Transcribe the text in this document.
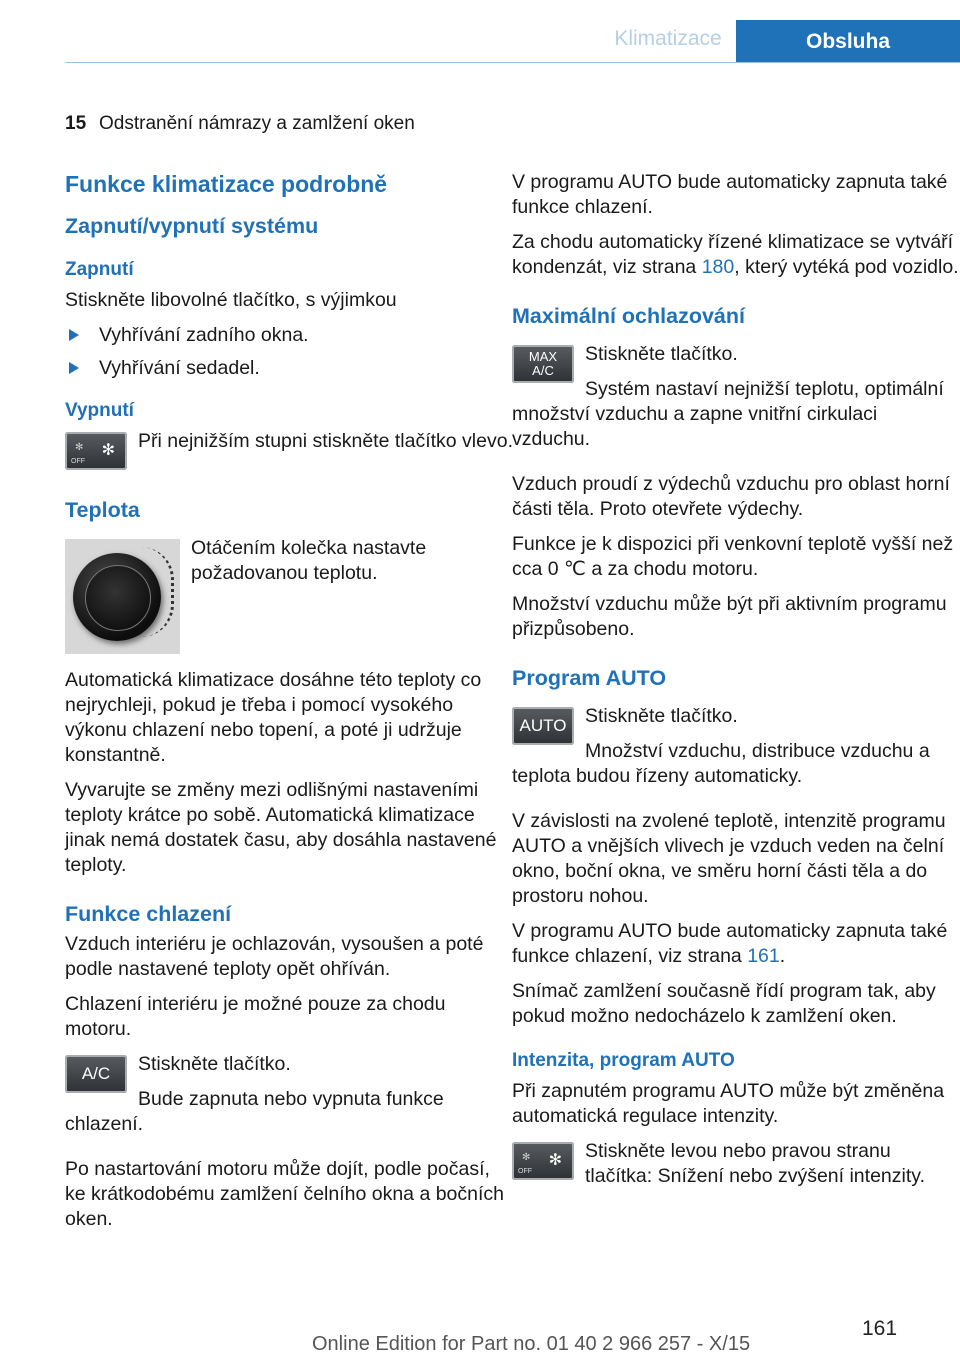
Klimatizace	Obsluha
15 Odstranění námrazy a zamlžení oken
Funkce klimatizace podrobně
Zapnutí/vypnutí systému
Zapnutí

Stiskněte libovolné tlačítko, s výjimkou

Vyhřívání zadního okna.
Vyhřívání sedadel.
Vypnutí
OFF
✻ ✻	Při nejnižším stupni stiskněte tlačítko vlevo.

Teplota

Otáčením kolečka nastavte požadovanou teplotu.

Automatická klimatizace dosáhne této teploty co nejrychleji, pokud je třeba i pomocí vysokého výkonu chlazení nebo topení, a poté ji udržuje konstantně.

Vyvarujte se změny mezi odlišnými nastaveními teploty krátce po sobě. Automatická klimatizace jinak nemá dostatek času, aby dosáhla nastavené teploty.

Funkce chlazení

Vzduch interiéru je ochlazován, vysoušen a poté podle nastavené teploty opět ohříván.

Chlazení interiéru je možné pouze za chodu motoru.

A/C	Stiskněte tlačítko.

Bude zapnuta nebo vypnuta funkce chlazení.

Po nastartování motoru může dojít, podle počasí, ke krátkodobému zamlžení čelního okna a bočních oken.

V programu AUTO bude automaticky zapnuta také funkce chlazení.

Za chodu automaticky řízené klimatizace se vytváří kondenzát, viz strana 180, který vytéká pod vozidlo.

Maximální ochlazování
MAX
A/C

Stiskněte tlačítko.

Systém nastaví nejnižší teplotu, optimální množství vzduchu a zapne vnitřní cirkulaci vzduchu.

Vzduch proudí z výdechů vzduchu pro oblast horní části těla. Proto otevřete výdechy.

Funkce je k dispozici při venkovní teplotě vyšší než cca 0 ℃ a za chodu motoru.

Množství vzduchu může být při aktivním programu přizpůsobeno.

Program AUTO
AUTO Stiskněte tlačítko.

Množství vzduchu, distribuce vzduchu a teplota budou řízeny automaticky.

V závislosti na zvolené teplotě, intenzitě programu AUTO a vnějších vlivech je vzduch veden na čelní okno, boční okna, ve směru horní části těla a do prostoru nohou.

V programu AUTO bude automaticky zapnuta také funkce chlazení, viz strana 161.

Snímač zamlžení současně řídí program tak, aby pokud možno nedocházelo k zamlžení oken.

Intenzita, program AUTO

Při zapnutém programu AUTO může být změněna automatická regulace intenzity.

OFF
✻ ✻	Stiskněte levou nebo pravou stranu tlačítka: Snížení nebo zvýšení intenzity.

161
Online Edition for Part no. 01 40 2 966 257 - X/15
